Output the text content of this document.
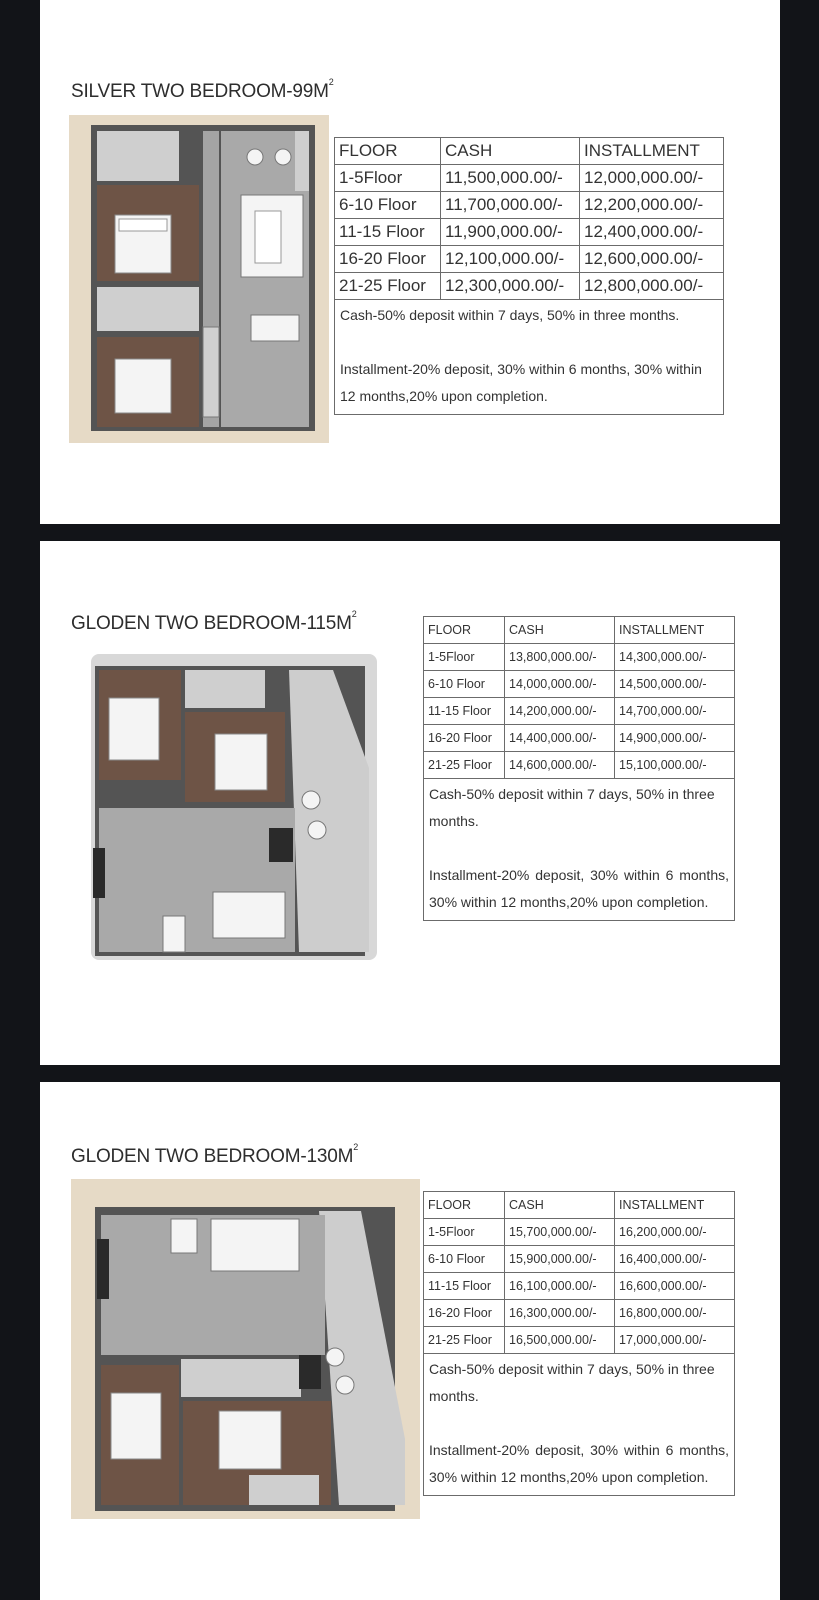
SILVER TWO BEDROOM-$99M^2$
FLOOR	CASH	INSTALLMENT
1-5Floor	11,500,000.00/-	12,000,000.00/-
6-10 Floor	11,700,000.00/-	12,200,000.00/-
11-15 Floor	11,900,000.00/-	12,400,000.00/-
16-20 Floor	12,100,000.00/-	12,600,000.00/-
21-25 Floor	12,300,000.00/-	12,800,000.00/-

Cash-50% deposit within 7 days, 50% in three months.
Installment-20% deposit, 30% within 6 months, 30% within 12 months,20% upon completion.		
GLODEN TWO BEDROOM-$115M^2$
FLOOR	CASH	INSTALLMENT
1-5Floor	13,800,000.00/-	14,300,000.00/-
6-10 Floor	14,000,000.00/-	14,500,000.00/-
11-15 Floor	14,200,000.00/-	14,700,000.00/-
16-20 Floor	14,400,000.00/-	14,900,000.00/-
21-25 Floor	14,600,000.00/-	15,100,000.00/-

Cash-50% deposit within 7 days, 50% in three months.
Installment-20% deposit, 30% within 6 months, 30% within 12 months,20% upon completion.		
GLODEN TWO BEDROOM-$130M^2$
FLOOR	CASH	INSTALLMENT
1-5Floor	15,700,000.00/-	16,200,000.00/-
6-10 Floor	15,900,000.00/-	16,400,000.00/-
11-15 Floor	16,100,000.00/-	16,600,000.00/-
16-20 Floor	16,300,000.00/-	16,800,000.00/-
21-25 Floor	16,500,000.00/-	17,000,000.00/-

Cash-50% deposit within 7 days, 50% in three months.
Installment-20% deposit, 30% within 6 months, 30% within 12 months,20% upon completion.		
